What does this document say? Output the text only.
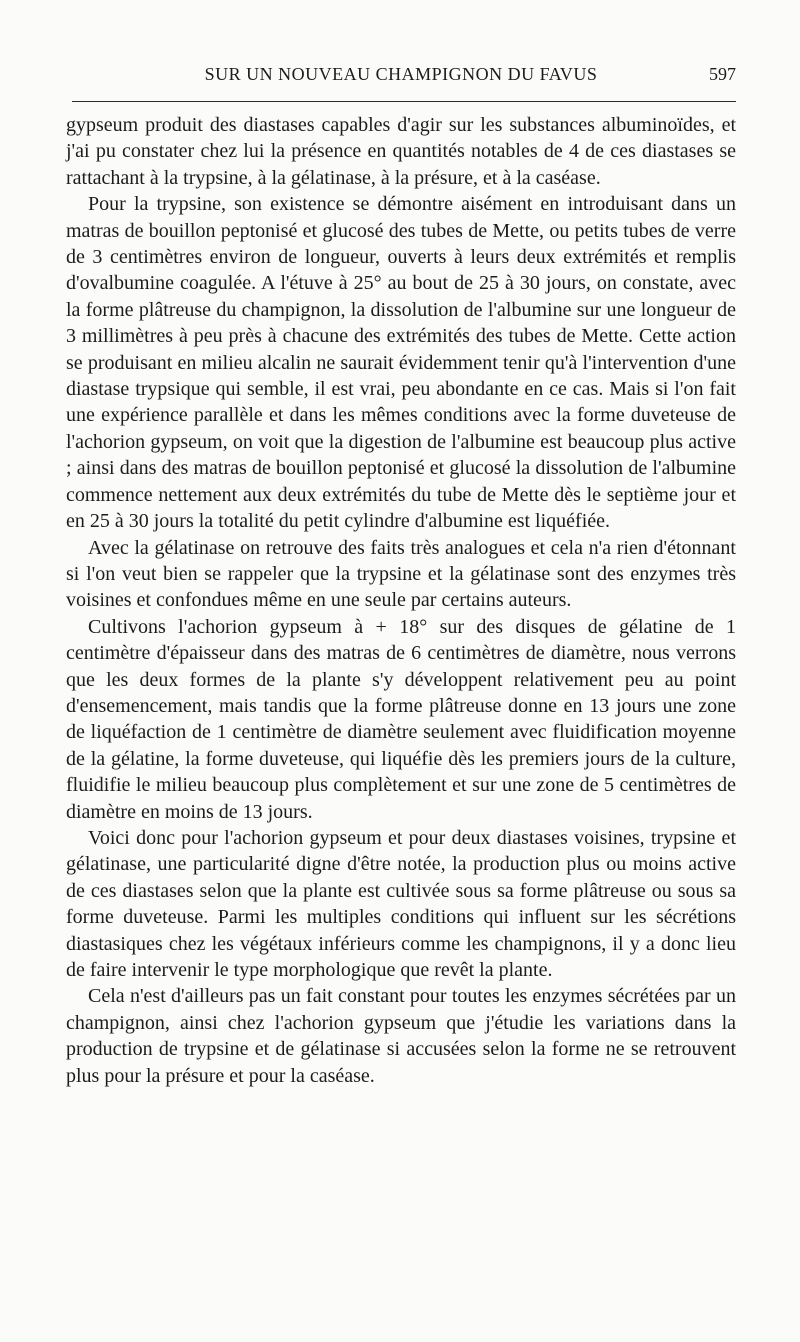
SUR UN NOUVEAU CHAMPIGNON DU FAVUS	597

gypseum produit des diastases capables d'agir sur les substances albuminoïdes, et j'ai pu constater chez lui la présence en quantités notables de 4 de ces diastases se rattachant à la trypsine, à la gélatinase, à la présure, et à la caséase.

Pour la trypsine, son existence se démontre aisément en introduisant dans un matras de bouillon peptonisé et glucosé des tubes de Mette, ou petits tubes de verre de 3 centimètres environ de longueur, ouverts à leurs deux extrémités et remplis d'ovalbumine coagulée. A l'étuve à 25° au bout de 25 à 30 jours, on constate, avec la forme plâtreuse du champignon, la dissolution de l'albumine sur une longueur de 3 millimètres à peu près à chacune des extrémités des tubes de Mette. Cette action se produisant en milieu alcalin ne saurait évidemment tenir qu'à l'intervention d'une diastase trypsique qui semble, il est vrai, peu abondante en ce cas. Mais si l'on fait une expérience parallèle et dans les mêmes conditions avec la forme duveteuse de l'achorion gypseum, on voit que la digestion de l'albumine est beaucoup plus active ; ainsi dans des matras de bouillon peptonisé et glucosé la dissolution de l'albumine commence nettement aux deux extrémités du tube de Mette dès le septième jour et en 25 à 30 jours la totalité du petit cylindre d'albumine est liquéfiée.

Avec la gélatinase on retrouve des faits très analogues et cela n'a rien d'étonnant si l'on veut bien se rappeler que la trypsine et la gélatinase sont des enzymes très voisines et confondues même en une seule par certains auteurs.

Cultivons l'achorion gypseum à + 18° sur des disques de gélatine de 1 centimètre d'épaisseur dans des matras de 6 centimètres de diamètre, nous verrons que les deux formes de la plante s'y développent relativement peu au point d'ensemencement, mais tandis que la forme plâtreuse donne en 13 jours une zone de liquéfaction de 1 centimètre de diamètre seulement avec fluidification moyenne de la gélatine, la forme duveteuse, qui liquéfie dès les premiers jours de la culture, fluidifie le milieu beaucoup plus complètement et sur une zone de 5 centimètres de diamètre en moins de 13 jours.

Voici donc pour l'achorion gypseum et pour deux diastases voisines, trypsine et gélatinase, une particularité digne d'être notée, la production plus ou moins active de ces diastases selon que la plante est cultivée sous sa forme plâtreuse ou sous sa forme duveteuse. Parmi les multiples conditions qui influent sur les sécrétions diastasiques chez les végétaux inférieurs comme les champignons, il y a donc lieu de faire intervenir le type morphologique que revêt la plante.

Cela n'est d'ailleurs pas un fait constant pour toutes les enzymes sécrétées par un champignon, ainsi chez l'achorion gypseum que j'étudie les variations dans la production de trypsine et de gélatinase si accusées selon la forme ne se retrouvent plus pour la présure et pour la caséase.
